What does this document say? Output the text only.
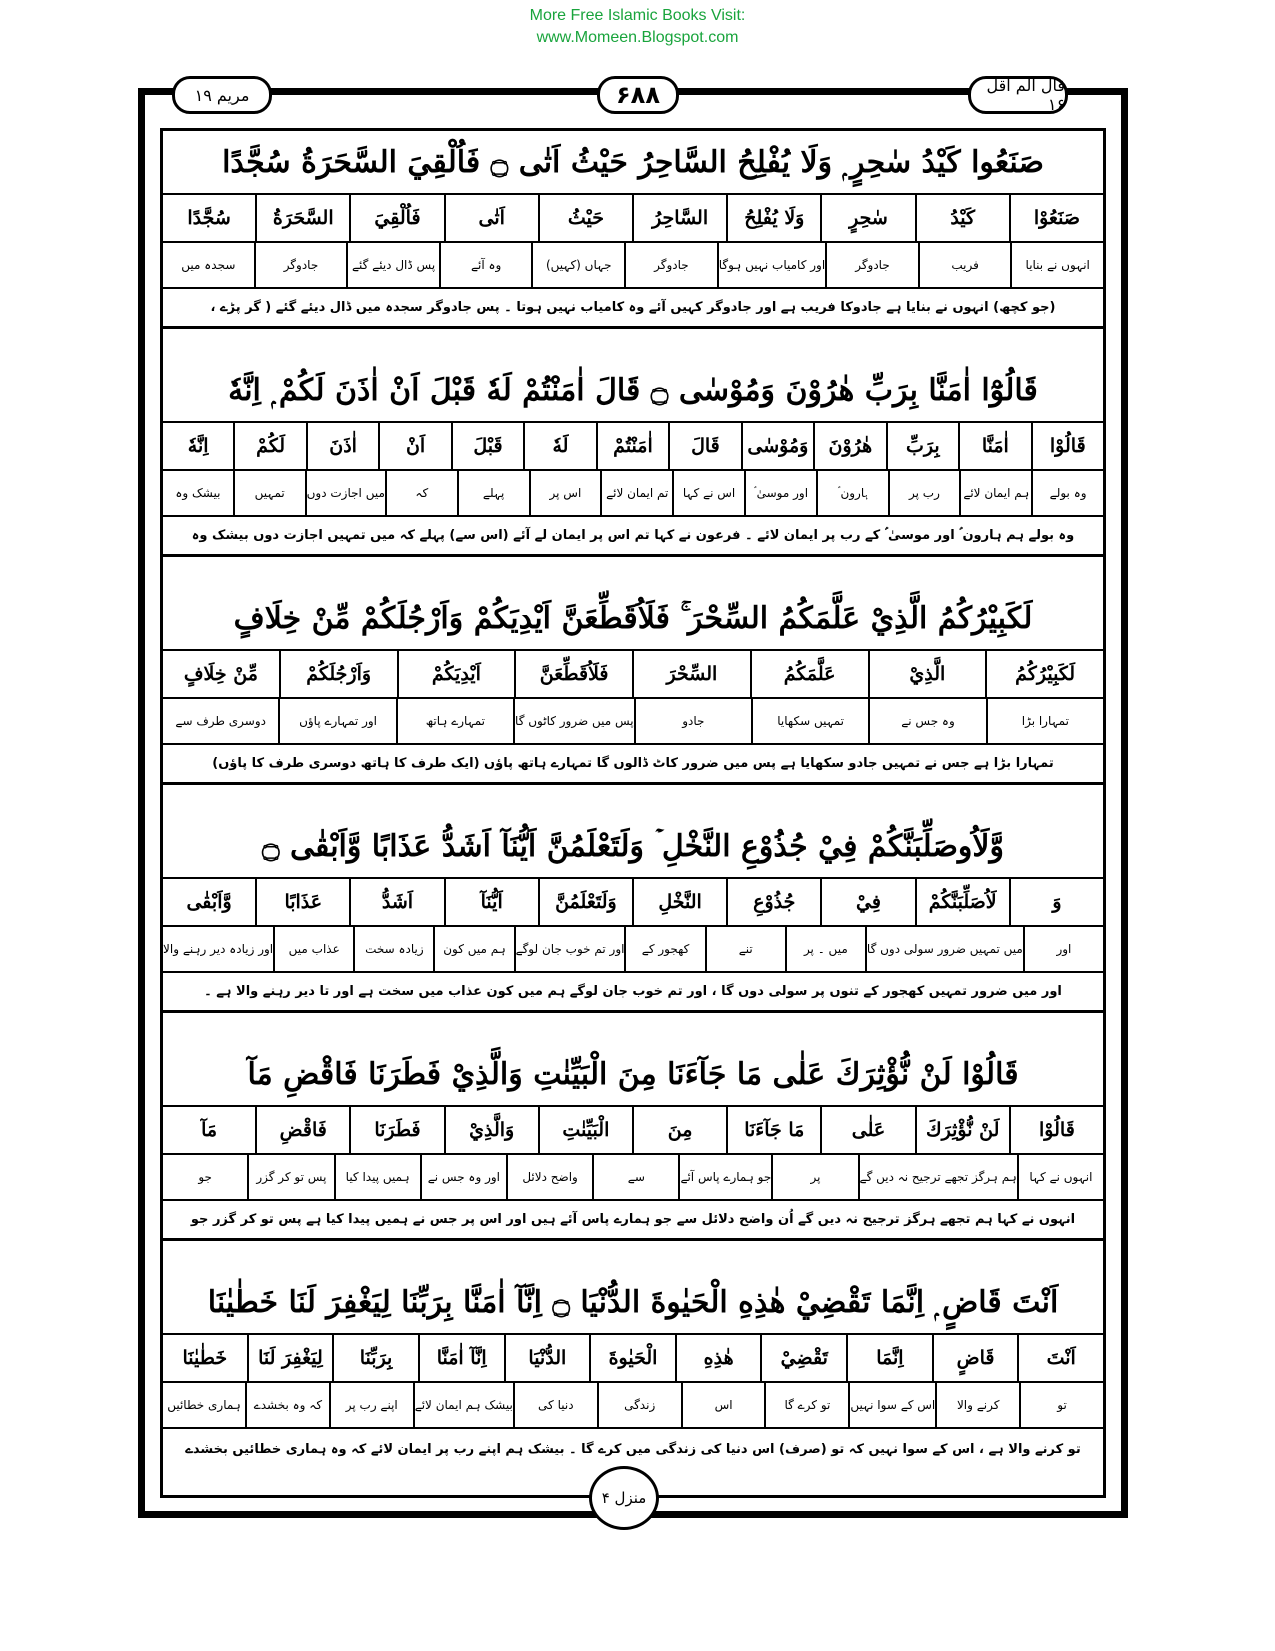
More Free Islamic Books Visit:
www.Momeen.Blogspot.com
قال الم اقل ۱۶
۶۸۸
مریم ۱۹
صَنَعُوا كَيْدُ سٰحِرٍ ۭ وَلَا يُفْلِحُ السَّاحِرُ حَيْثُ اَتٰى ۝ فَاُلْقِيَ السَّحَرَةُ سُجَّدًا
صَنَعُوْا
كَيْدُ
سٰحِرٍ
وَلَا يُفْلِحُ
السَّاحِرُ
حَيْثُ
اَتٰى
فَاُلْقِيَ
السَّحَرَةُ
سُجَّدًا
انہوں نے بنایا
فریب
جادوگر
اور کامیاب نہیں ہوگا
جادوگر
جہاں (کہیں)
وہ آئے
پس ڈال دیئے گئے
جادوگر
سجدہ میں
(جو کچھ) انہوں نے بنایا ہے جادوکا فریب ہے اور جادوگر کہیں آئے وہ کامیاب نہیں ہوتا ۔ پس جادوگر سجدہ میں ڈال دیئے گئے ( گر پڑے ،
قَالُوْٓا اٰمَنَّا بِرَبِّ هٰرُوْنَ وَمُوْسٰى ۝ قَالَ اٰمَنْتُمْ لَهٗ قَبْلَ اَنْ اٰذَنَ لَكُمْ ۭ اِنَّهٗ
قَالُوْا
اٰمَنَّا
بِرَبِّ
هٰرُوْنَ
وَمُوْسٰى
قَالَ
اٰمَنْتُمْ
لَهٗ
قَبْلَ
اَنْ
اٰذَنَ
لَكُمْ
اِنَّهٗ
وہ بولے
ہم ایمان لائے
رب پر
ہارون ؑ
اور موسیٰ ؑ
اس نے کہا
تم ایمان لائے
اس پر
پہلے
کہ
میں اجازت دوں
تمہیں
بیشک وہ
وہ بولے ہم ہارون ؑ اور موسیٰ ؑ کے رب پر ایمان لائے ۔ فرعون نے کہا تم اس پر ایمان لے آئے (اس سے) پہلے کہ میں تمہیں اجازت دوں بیشک وہ
لَكَبِيْرُكُمُ الَّذِيْ عَلَّمَكُمُ السِّحْرَ ۚ فَلَاُقَطِّعَنَّ اَيْدِيَكُمْ وَاَرْجُلَكُمْ مِّنْ خِلَافٍ
لَكَبِيْرُكُمُ
الَّذِيْ
عَلَّمَكُمُ
السِّحْرَ
فَلَاُقَطِّعَنَّ
اَيْدِيَكُمْ
وَاَرْجُلَكُمْ
مِّنْ خِلَافٍ
تمہارا بڑا
وہ جس نے
تمہیں سکھایا
جادو
پس میں ضرور کاٹوں گا
تمہارے ہاتھ
اور تمہارے پاؤں
دوسری طرف سے
تمہارا بڑا ہے جس نے تمہیں جادو سکھایا ہے پس میں ضرور کاٹ ڈالوں گا تمہارے ہاتھ پاؤں (ایک طرف کا ہاتھ دوسری طرف کا پاؤں)
وَّلَاُوصَلِّبَنَّكُمْ فِيْ جُذُوْعِ النَّخْلِ ۡ وَلَتَعْلَمُنَّ اَيُّنَآ اَشَدُّ عَذَابًا وَّاَبْقٰى ۝
وَ
لَاُصَلِّبَنَّكُمْ
فِيْ
جُذُوْعِ
النَّخْلِ
وَلَتَعْلَمُنَّ
اَيُّنَآ
اَشَدُّ
عَذَابًا
وَّاَبْقٰى
اور
میں تمہیں ضرور سولی دوں گا
میں ۔ پر
تنے
کھجور کے
اور تم خوب جان لوگے
ہم میں کون
زیادہ سخت
عذاب میں
اور زیادہ دیر رہنے والا
اور میں ضرور تمہیں کھجور کے تنوں پر سولی دوں گا ، اور تم خوب جان لوگے ہم میں کون عذاب میں سخت ہے اور تا دیر رہنے والا ہے ۔
قَالُوْا لَنْ نُّؤْثِرَكَ عَلٰى مَا جَآءَنَا مِنَ الْبَيِّنٰتِ وَالَّذِيْ فَطَرَنَا فَاقْضِ مَآ
قَالُوْا
لَنْ نُّؤْثِرَكَ
عَلٰى
مَا جَآءَنَا
مِنَ
الْبَيِّنٰتِ
وَالَّذِيْ
فَطَرَنَا
فَاقْضِ
مَآ
انہوں نے کہا
ہم ہرگز تجھے ترجیح نہ دیں گے
پر
جو ہمارے پاس آئے
سے
واضح دلائل
اور وہ جس نے
ہمیں پیدا کیا
پس تو کر گزر
جو
انہوں نے کہا ہم تجھے ہرگز ترجیح نہ دیں گے اُن واضح دلائل سے جو ہمارے پاس آئے ہیں اور اس پر جس نے ہمیں پیدا کیا ہے پس تو کر گزر جو
اَنْتَ قَاضٍ ۭ اِنَّمَا تَقْضِيْ هٰذِهِ الْحَيٰوةَ الدُّنْيَا ۝ اِنَّآ اٰمَنَّا بِرَبِّنَا لِيَغْفِرَ لَنَا خَطٰيٰنَا
اَنْتَ
قَاضٍ
اِنَّمَا
تَقْضِيْ
هٰذِهِ
الْحَيٰوةَ
الدُّنْيَا
اِنَّآ اٰمَنَّا
بِرَبِّنَا
لِيَغْفِرَ لَنَا
خَطٰيٰنَا
تو
کرنے والا
اس کے سوا نہیں
تو کرے گا
اس
زندگی
دنیا کی
بیشک ہم ایمان لائے
اپنے رب پر
کہ وہ بخشدے
ہماری خطائیں
تو کرنے والا ہے ، اس کے سوا نہیں کہ تو (صرف) اس دنیا کی زندگی میں کرے گا ۔ بیشک ہم اپنے رب پر ایمان لائے کہ وہ ہماری خطائیں بخشدے
منزل ۴
